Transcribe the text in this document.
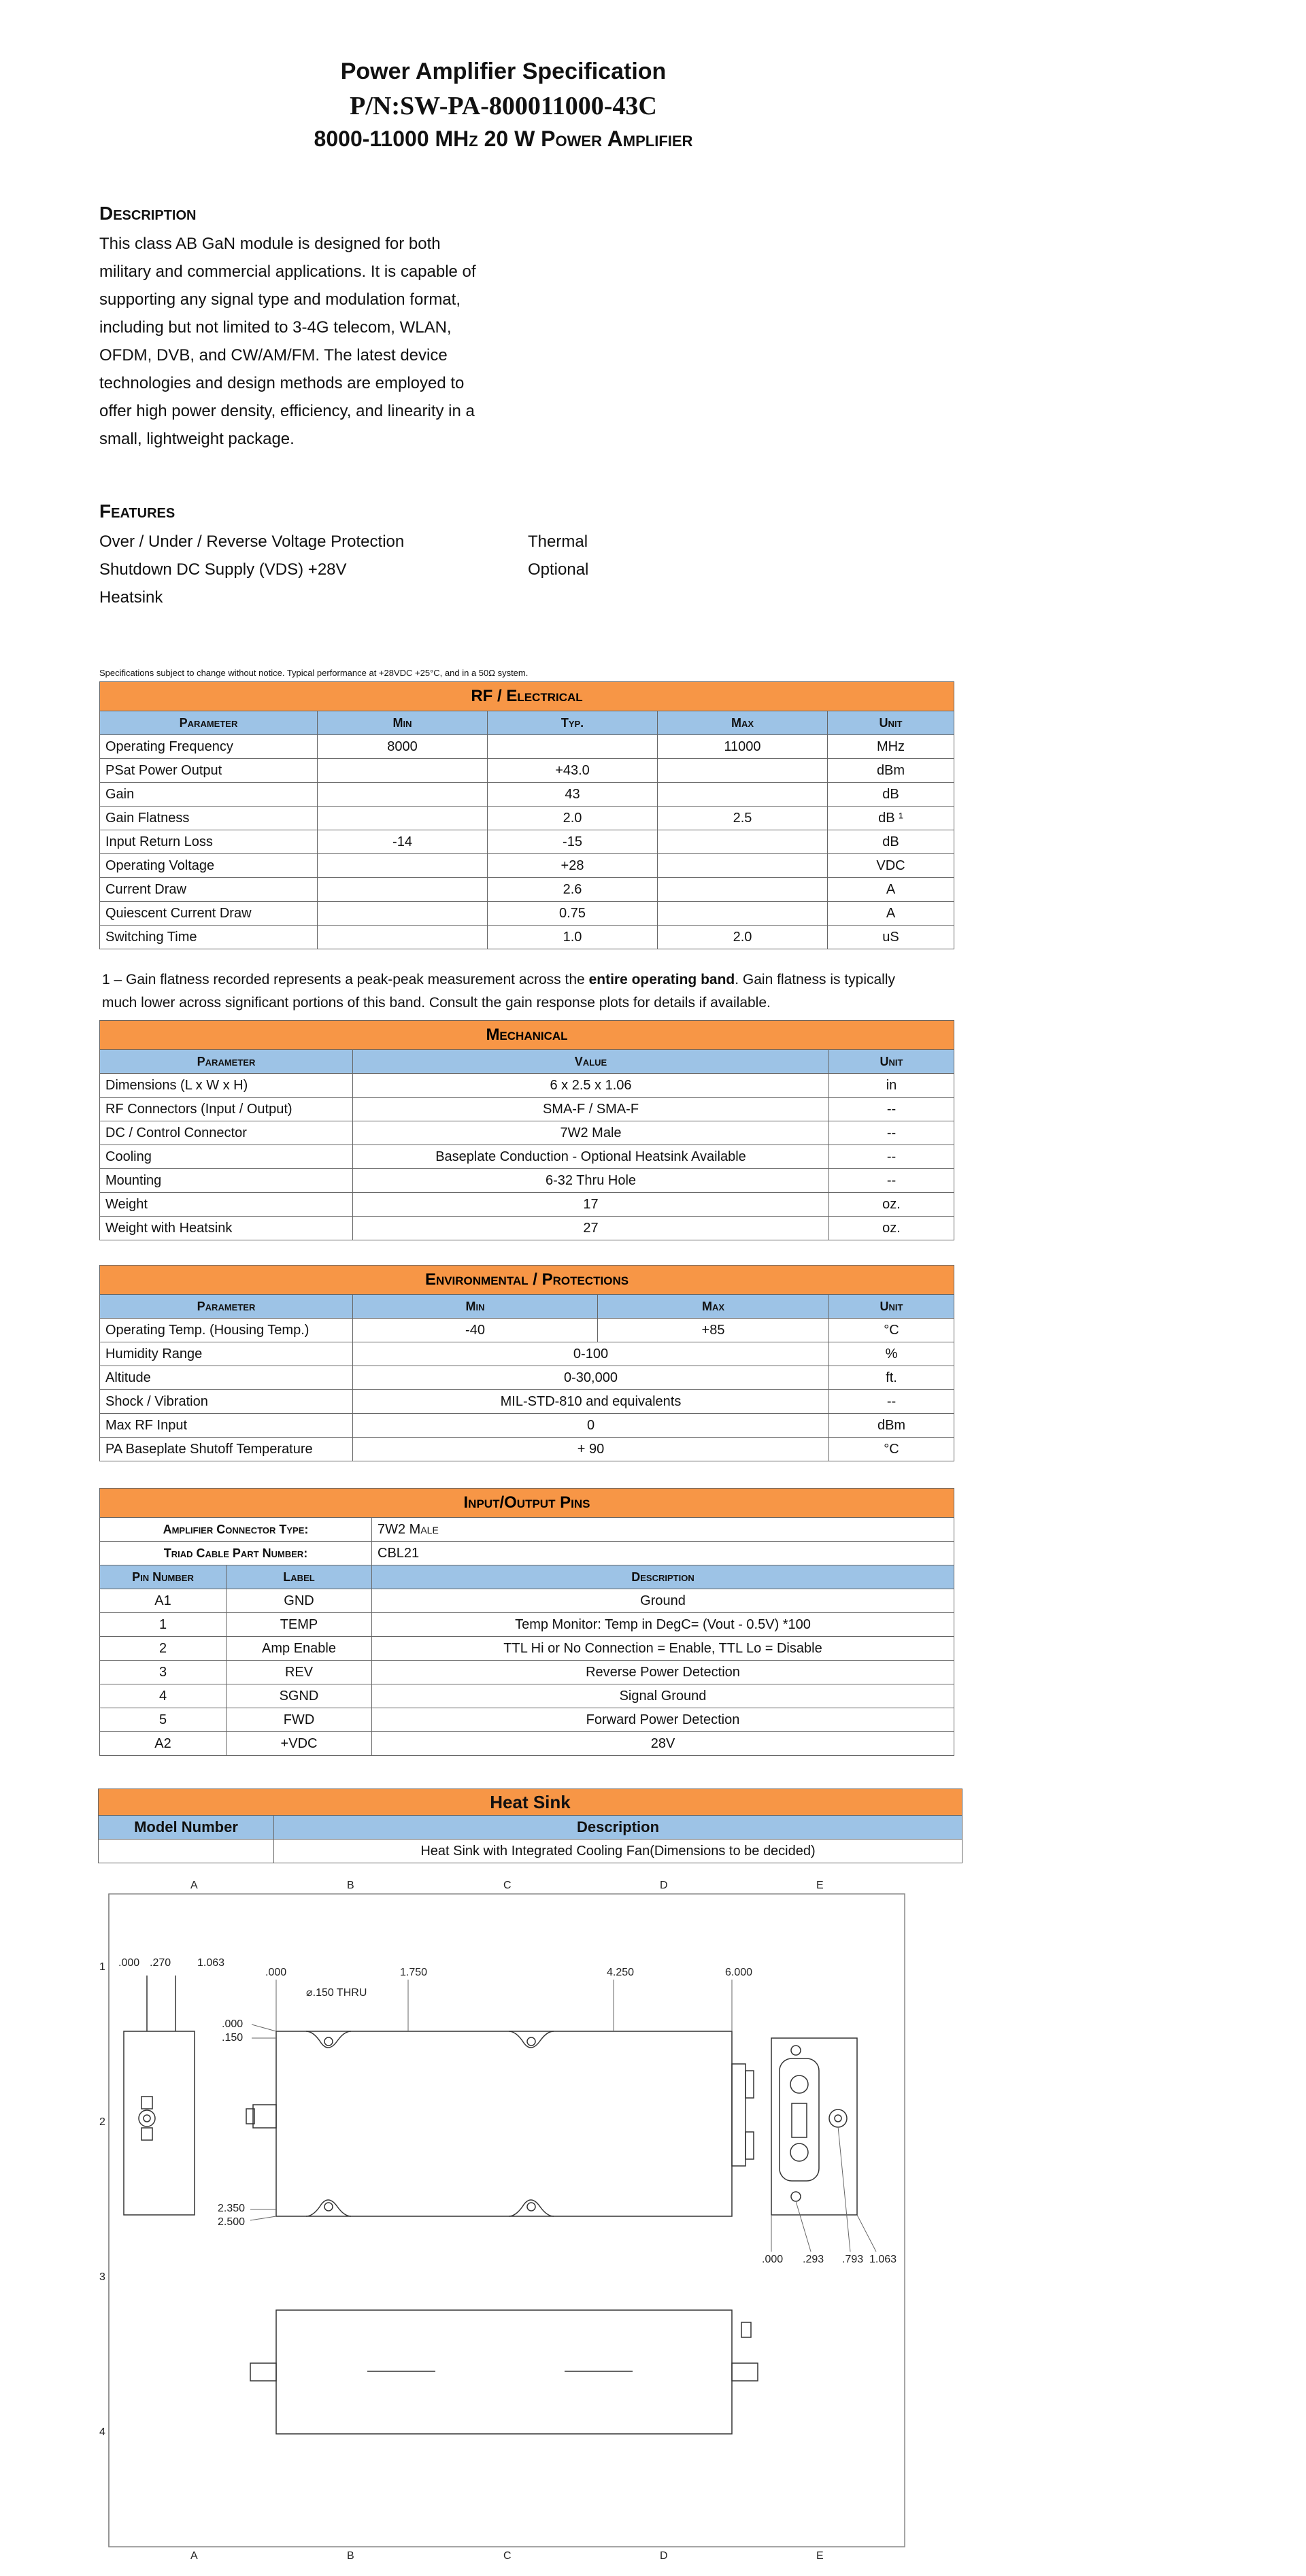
Power Amplifier Specification
P/N:SW-PA-800011000-43C
8000-11000 MHz 20 W Power Amplifier
Description
This class AB GaN module is designed for both
military and commercial applications. It is capable of
supporting any signal type and modulation format,
including but not limited to 3-4G telecom, WLAN,
OFDM, DVB, and CW/AM/FM. The latest device
technologies and design methods are employed to
offer high power density, efficiency, and linearity in a
small, lightweight package.
Features
Over / Under / Reverse Voltage Protection
Shutdown DC Supply (VDS) +28V
Heatsink
Thermal
Optional
Specifications subject to change without notice. Typical performance at +28VDC +25°C, and in a 50Ω system.
RF / Electrical				
Parameter	Min	Typ.	Max	Unit
Operating Frequency	8000		11000	MHz
PSat Power Output		+43.0		dBm
Gain		43		dB
Gain Flatness		2.0	2.5	dB ¹
Input Return Loss	-14	-15		dB
Operating Voltage		+28		VDC
Current Draw		2.6		A
Quiescent Current Draw		0.75		A
Switching Time		1.0	2.0	uS
1 – Gain flatness recorded represents a peak-peak measurement across the entire operating band. Gain flatness is typically much lower across significant portions of this band. Consult the gain response plots for details if available.
Mechanical		
Parameter	Value	Unit
Dimensions (L x W x H)	6 x 2.5 x 1.06	in
RF Connectors (Input / Output)	SMA-F / SMA-F	--
DC / Control Connector	7W2 Male	--
Cooling	Baseplate Conduction - Optional Heatsink Available	--
Mounting	6-32 Thru Hole	--
Weight	17	oz.
Weight with Heatsink	27	oz.
Environmental / Protections			
Parameter	Min	Max	Unit
Operating Temp. (Housing Temp.)	-40	+85	°C
Humidity Range	0-100		%
Altitude	0-30,000		ft.
Shock / Vibration	MIL-STD-810 and equivalents		--
Max RF Input	0		dBm
PA Baseplate Shutoff Temperature	+ 90		°C
Input/Output Pins		
Amplifier Connector Type:		7W2 Male
Triad Cable Part Number:		CBL21
Pin Number	Label	Description
A1	GND	Ground
1	TEMP	Temp Monitor: Temp in DegC= (Vout - 0.5V) *100
2	Amp Enable	TTL Hi or No Connection = Enable, TTL Lo = Disable
3	REV	Reverse Power Detection
4	SGND	Signal Ground
5	FWD	Forward Power Detection
A2	+VDC	28V
Heat Sink	
Model Number	Description
	Heat Sink with Integrated Cooling Fan(Dimensions to be decided)
A	B	C	D	E
A	B	C	D	E
1
2
3
4
.000 .270 1.063
.000	1.750	4.250	6.000
⌀.150 THRU
.000
.150
2.350
2.500
.000 .293 .793 1.063
